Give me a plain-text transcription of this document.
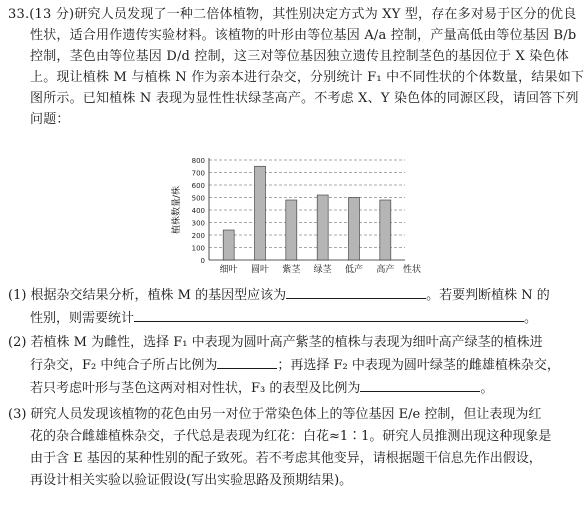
33.(13 分)研究人员发现了一种二倍体植物，其性别决定方式为 XY 型，存在多对易于区分的优良
性状，适合用作遗传实验材料。该植物的叶形由等位基因 A/a 控制，产量高低由等位基因 B/b
控制，茎色由等位基因 D/d 控制，这三对等位基因独立遗传且控制茎色的基因位于 X 染色体
上。现让植株 M 与植株 N 作为亲本进行杂交，分别统计 F₁ 中不同性状的个体数量，结果如下
图所示。已知植株 N 表现为显性性状绿茎高产。不考虑 X、Y 染色体的同源区段，请回答下列
问题：
0
100
200
300
400
500
600
700
800
植株数量/株
细叶 圆叶 紫茎 绿茎 低产 高产 性状
(1) 根据杂交结果分析，植株 M 的基因型应该为	。若要判断植株 N 的
性别，则需要统计	。
(2) 若植株 M 为雌性，选择 F₁ 中表现为圆叶高产紫茎的植株与表现为细叶高产绿茎的植株进
行杂交，F₂ 中纯合子所占比例为	；再选择 F₂ 中表现为圆叶绿茎的雌雄植株杂交，
若只考虑叶形与茎色这两对相对性状，F₃ 的表型及比例为	。
(3) 研究人员发现该植物的花色由另一对位于常染色体上的等位基因 E/e 控制，但让表现为红
花的杂合雌雄植株杂交，子代总是表现为红花：白花≈1∶1。研究人员推测出现这种现象是
由于含 E 基因的某种性别的配子致死。若不考虑其他变异，请根据题干信息先作出假设，
再设计相关实验以验证假设(写出实验思路及预期结果)。
